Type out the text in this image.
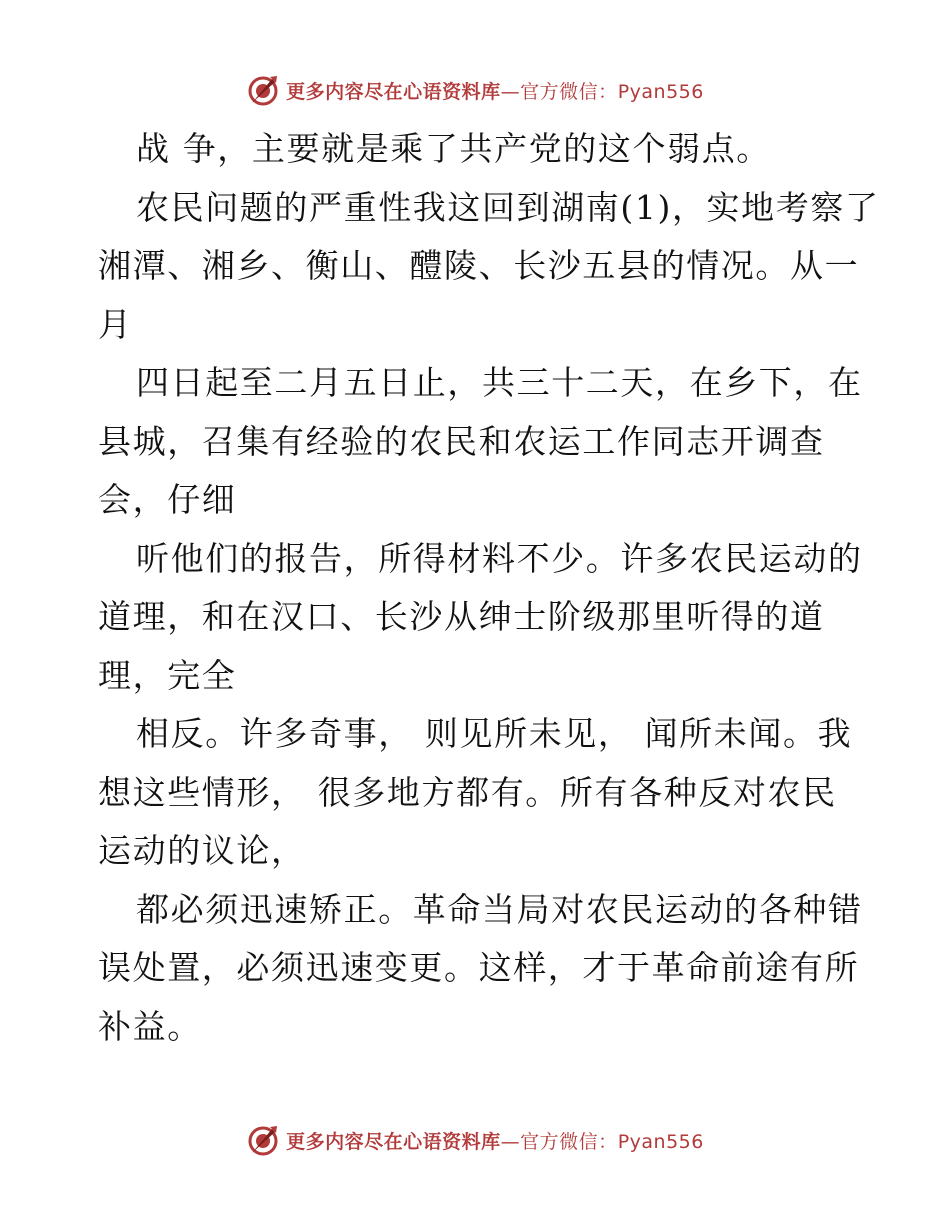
更多内容尽在心语资料库—官方微信：Pyan556
战 争，主要就是乘了共产党的这个弱点。
农民问题的严重性我这回到湖南(1)，实地考察了
湘潭、湘乡、衡山、醴陵、长沙五县的情况。从一
月
四日起至二月五日止，共三十二天，在乡下，在
县城，召集有经验的农民和农运工作同志开调查
会，仔细
听他们的报告，所得材料不少。许多农民运动的
道理，和在汉口、长沙从绅士阶级那里听得的道
理，完全
相反。许多奇事， 则见所未见， 闻所未闻。我
想这些情形， 很多地方都有。所有各种反对农民
运动的议论，
都必须迅速矫正。革命当局对农民运动的各种错
误处置，必须迅速变更。这样，才于革命前途有所
补益。
更多内容尽在心语资料库—官方微信：Pyan556
